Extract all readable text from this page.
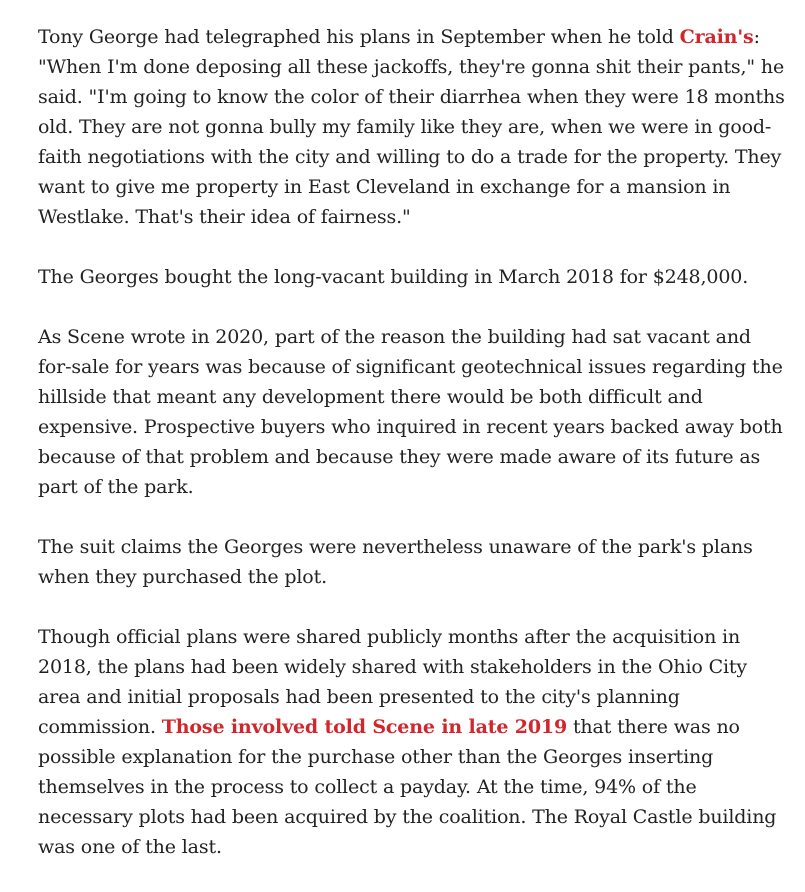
Tony George had telegraphed his plans in September when he told Crain's: "When I'm done deposing all these jackoffs, they're gonna shit their pants," he said. "I'm going to know the color of their diarrhea when they were 18 months old. They are not gonna bully my family like they are, when we were in good-faith negotiations with the city and willing to do a trade for the property. They want to give me property in East Cleveland in exchange for a mansion in Westlake. That's their idea of fairness."

The Georges bought the long-vacant building in March 2018 for $248,000.

As Scene wrote in 2020, part of the reason the building had sat vacant and for-sale for years was because of significant geotechnical issues regarding the hillside that meant any development there would be both difficult and expensive. Prospective buyers who inquired in recent years backed away both because of that problem and because they were made aware of its future as part of the park.

The suit claims the Georges were nevertheless unaware of the park's plans when they purchased the plot.

Though official plans were shared publicly months after the acquisition in 2018, the plans had been widely shared with stakeholders in the Ohio City area and initial proposals had been presented to the city's planning commission. Those involved told Scene in late 2019 that there was no possible explanation for the purchase other than the Georges inserting themselves in the process to collect a payday. At the time, 94% of the necessary plots had been acquired by the coalition. The Royal Castle building was one of the last.
